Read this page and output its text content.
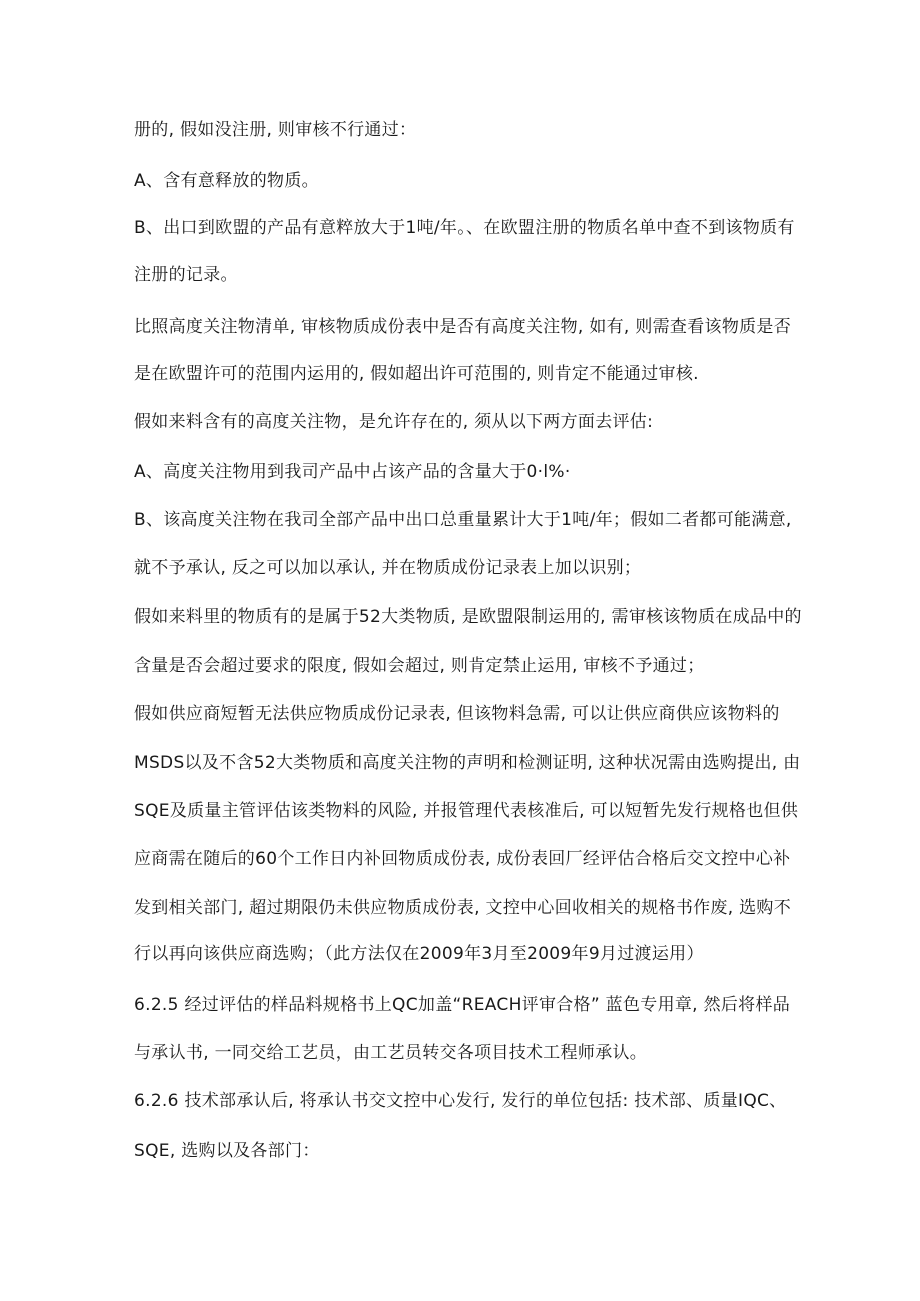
册的, 假如没注册, 则审核不行通过：
A、含有意释放的物质。
B、出口到欧盟的产品有意粹放大于1吨/年。、在欧盟注册的物质名单中查不到该物质有
注册的记录。
比照高度关注物清单, 审核物质成份表中是否有高度关注物, 如有, 则需查看该物质是否
是在欧盟许可的范围内运用的, 假如超出许可范围的, 则肯定不能通过审核.
假如来料含有的高度关注物，是允许存在的, 须从以下两方面去评估:
A、高度关注物用到我司产品中占该产品的含量大于0·l%·
B、该高度关注物在我司全部产品中出口总重量累计大于1吨/年；假如二者都可能满意,
就不予承认, 反之可以加以承认, 并在物质成份记录表上加以识别；
假如来料里的物质有的是属于52大类物质, 是欧盟限制运用的, 需审核该物质在成品中的
含量是否会超过要求的限度, 假如会超过, 则肯定禁止运用, 审核不予通过；
假如供应商短暂无法供应物质成份记录表, 但该物料急需, 可以让供应商供应该物料的
MSDS以及不含52大类物质和高度关注物的声明和检测证明, 这种状况需由选购提出, 由
SQE及质量主管评估该类物料的风险, 并报管理代表核准后, 可以短暂先发行规格也但供
应商需在随后的60个工作日内补回物质成份表, 成份表回厂经评估合格后交文控中心补
发到相关部门, 超过期限仍未供应物质成份表, 文控中心回收相关的规格书作废, 选购不
行以再向该供应商选购；（此方法仅在2009年3月至2009年9月过渡运用）
6.2.5 经过评估的样品料规格书上QC加盖“REACH评审合格” 蓝色专用章, 然后将样品
与承认书, 一同交给工艺员，由工艺员转交各项目技术工程师承认。
6.2.6 技术部承认后, 将承认书交文控中心发行, 发行的单位包括: 技术部、质量IQC、
SQE, 选购以及各部门：
